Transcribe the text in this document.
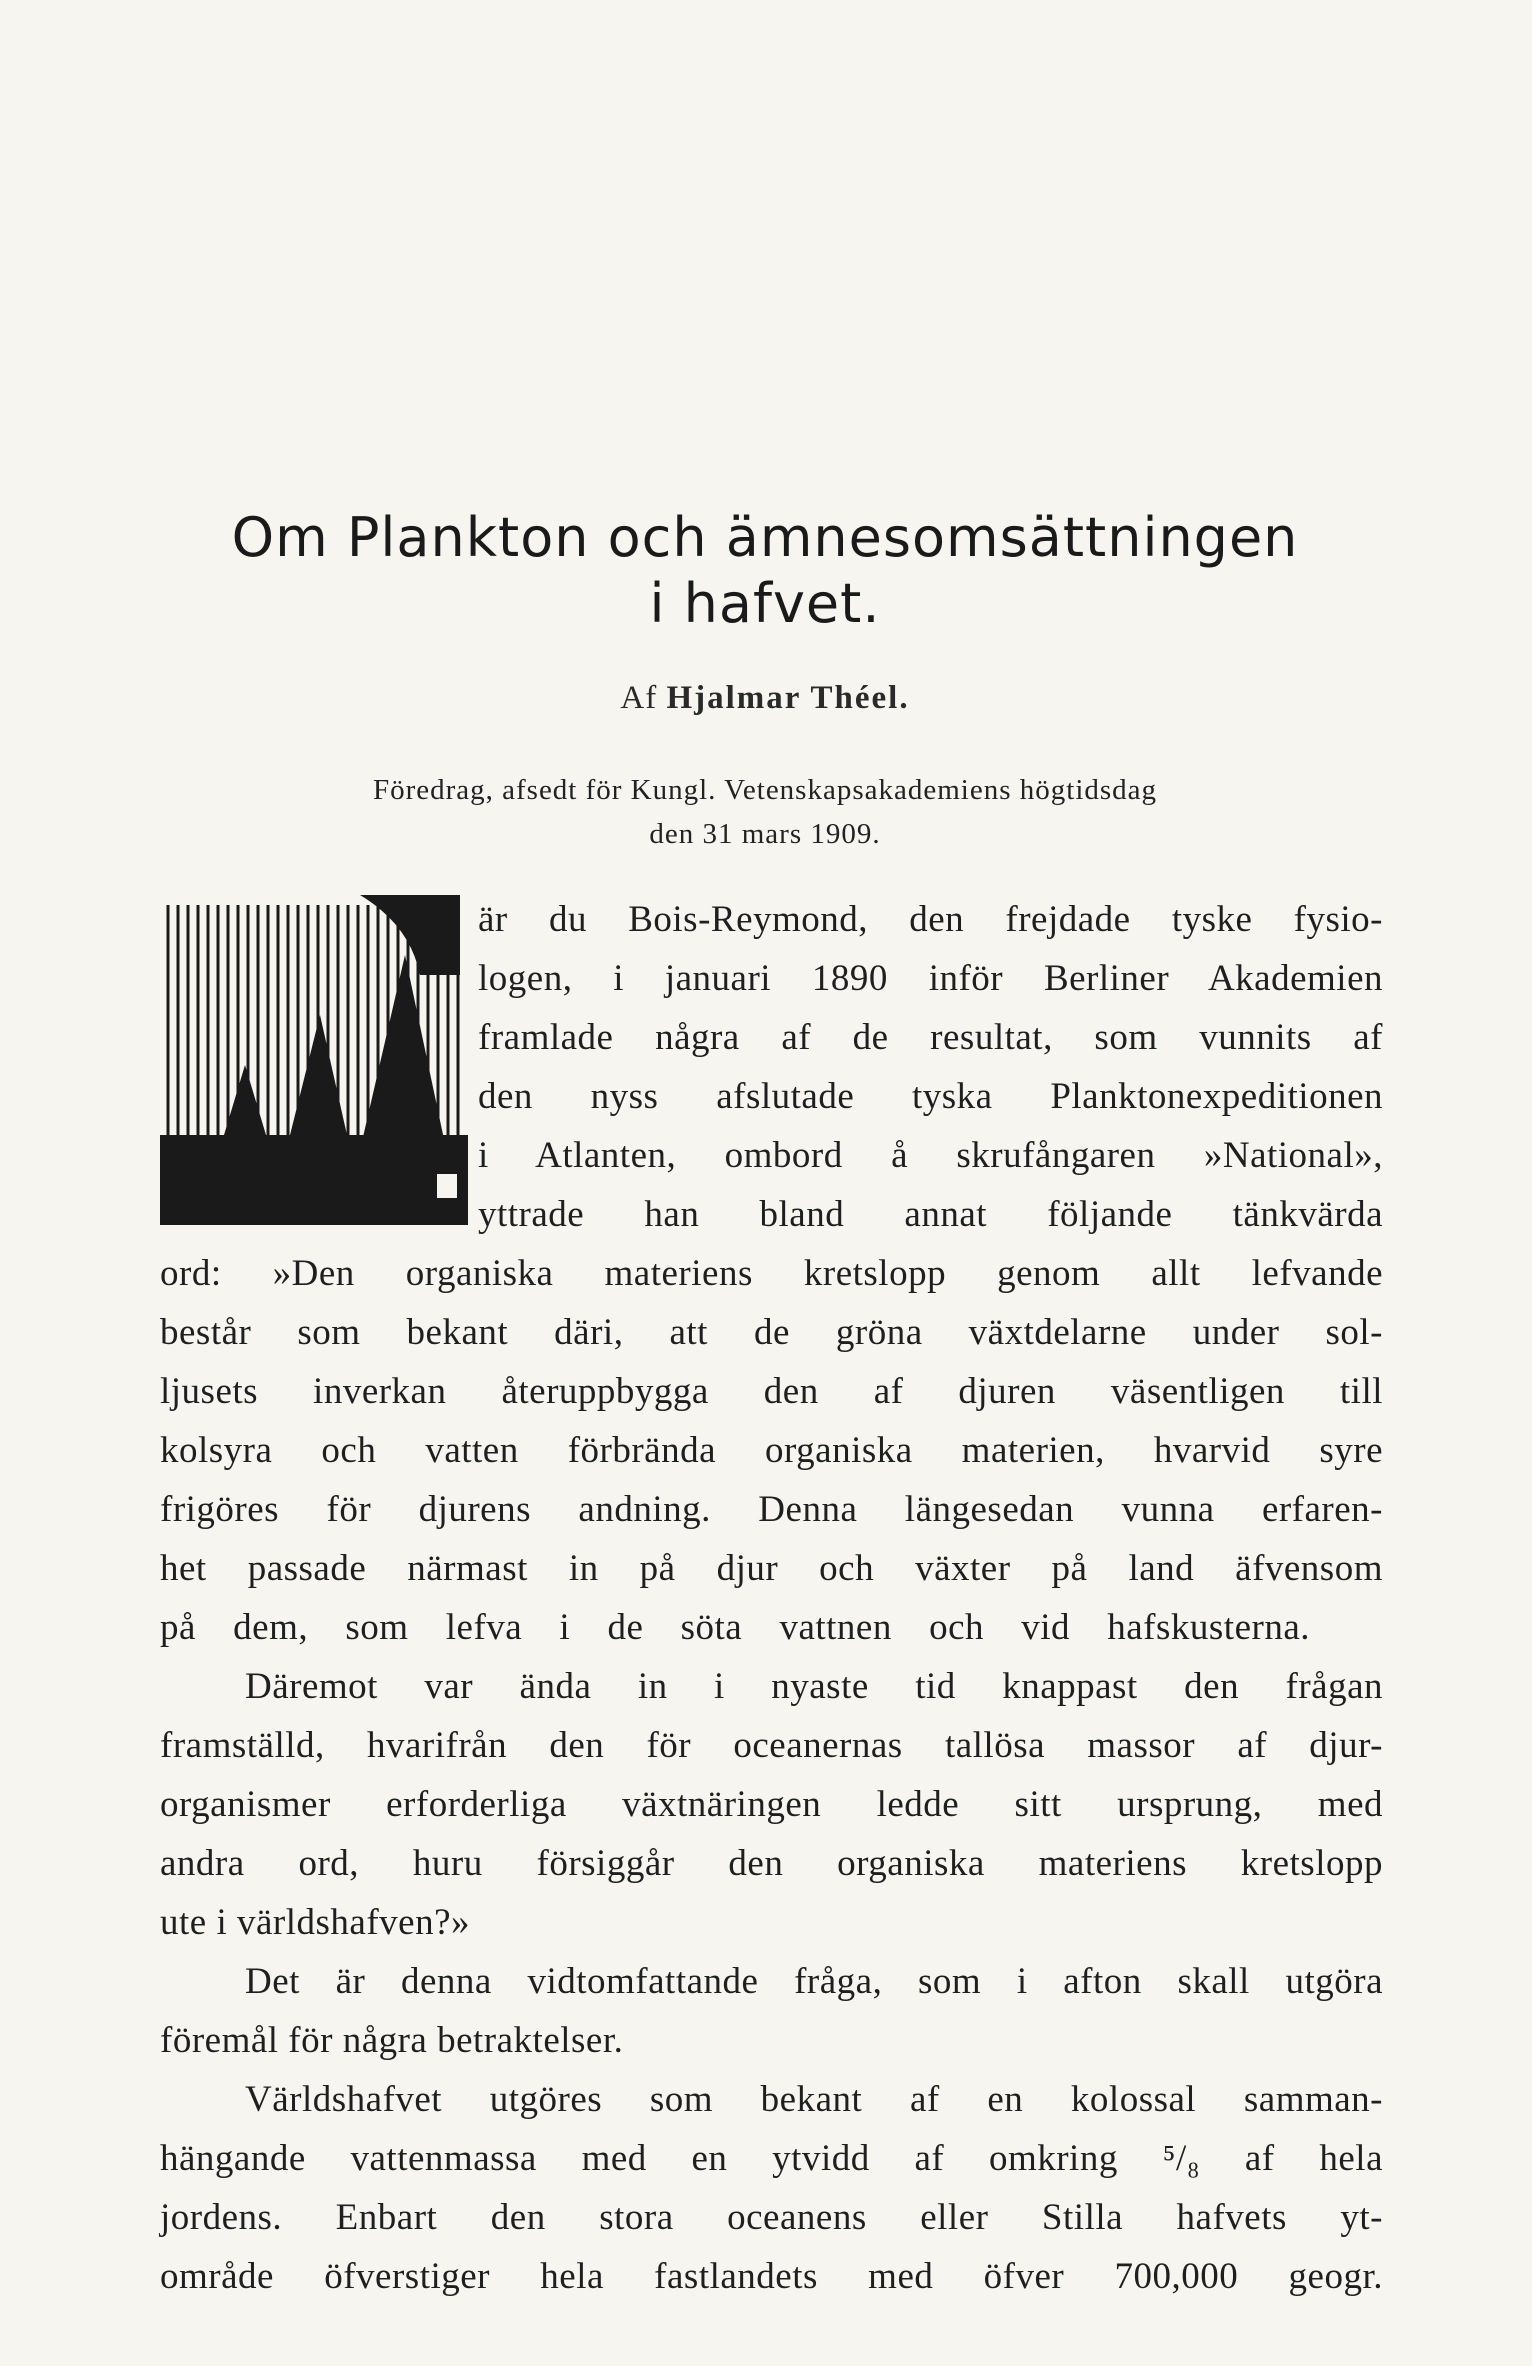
Om Plankton och ämnesomsättningen
i hafvet.
Af Hjalmar Théel.
Föredrag, afsedt för Kungl. Vetenskapsakademiens högtidsdag
den 31 mars 1909.
är du Bois-Reymond, den frejdade tyske fysio-
logen, i januari 1890 inför Berliner Akademien
framlade några af de resultat, som vunnits af
den nyss afslutade tyska Planktonexpeditionen
i Atlanten, ombord å skrufångaren »National»,
yttrade han bland annat följande tänkvärda
ord: »Den organiska materiens kretslopp genom allt lefvande
består som bekant däri, att de gröna växtdelarne under sol-
ljusets inverkan återuppbygga den af djuren väsentligen till
kolsyra och vatten förbrända organiska materien, hvarvid syre
frigöres för djurens andning. Denna längesedan vunna erfaren-
het passade närmast in på djur och växter på land äfvensom
på dem, som lefva i de söta vattnen och vid hafskusterna.
Däremot var ända in i nyaste tid knappast den frågan
framställd, hvarifrån den för oceanernas tallösa massor af djur-
organismer erforderliga växtnäringen ledde sitt ursprung, med
andra ord, huru försiggår den organiska materiens kretslopp
ute i världshafven?»
Det är denna vidtomfattande fråga, som i afton skall utgöra
föremål för några betraktelser.
Världshafvet utgöres som bekant af en kolossal samman-
hängande vattenmassa med en ytvidd af omkring ⁵/₈ af hela
jordens. Enbart den stora oceanens eller Stilla hafvets yt-
område öfverstiger hela fastlandets med öfver 700,000 geogr.
